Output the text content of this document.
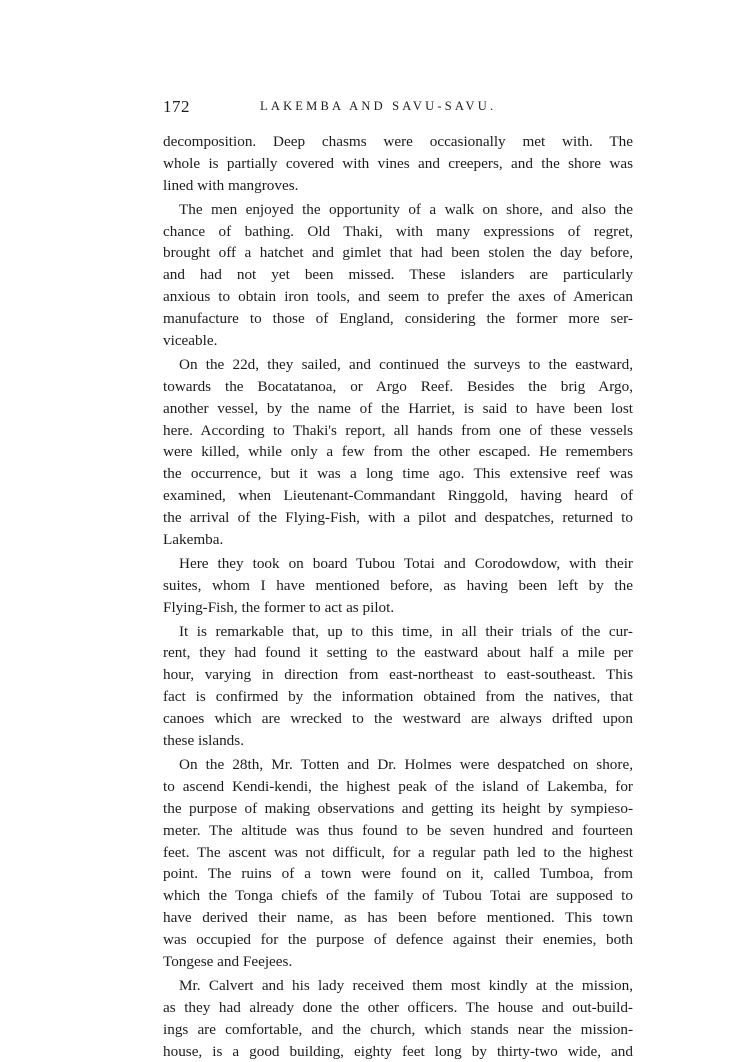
172	LAKEMBA AND SAVU-SAVU.
decomposition. Deep chasms were occasionally met with. The
whole is partially covered with vines and creepers, and the shore was
lined with mangroves.
The men enjoyed the opportunity of a walk on shore, and also the
chance of bathing. Old Thaki, with many expressions of regret,
brought off a hatchet and gimlet that had been stolen the day before,
and had not yet been missed. These islanders are particularly
anxious to obtain iron tools, and seem to prefer the axes of American
manufacture to those of England, considering the former more ser-
viceable.
On the 22d, they sailed, and continued the surveys to the eastward,
towards the Bocatatanoa, or Argo Reef. Besides the brig Argo,
another vessel, by the name of the Harriet, is said to have been lost
here. According to Thaki's report, all hands from one of these vessels
were killed, while only a few from the other escaped. He remembers
the occurrence, but it was a long time ago. This extensive reef was
examined, when Lieutenant-Commandant Ringgold, having heard of
the arrival of the Flying-Fish, with a pilot and despatches, returned to
Lakemba.
Here they took on board Tubou Totai and Corodowdow, with their
suites, whom I have mentioned before, as having been left by the
Flying-Fish, the former to act as pilot.
It is remarkable that, up to this time, in all their trials of the cur-
rent, they had found it setting to the eastward about half a mile per
hour, varying in direction from east-northeast to east-southeast. This
fact is confirmed by the information obtained from the natives, that
canoes which are wrecked to the westward are always drifted upon
these islands.
On the 28th, Mr. Totten and Dr. Holmes were despatched on shore,
to ascend Kendi-kendi, the highest peak of the island of Lakemba, for
the purpose of making observations and getting its height by sympieso-
meter. The altitude was thus found to be seven hundred and fourteen
feet. The ascent was not difficult, for a regular path led to the highest
point. The ruins of a town were found on it, called Tumboa, from
which the Tonga chiefs of the family of Tubou Totai are supposed to
have derived their name, as has been before mentioned. This town
was occupied for the purpose of defence against their enemies, both
Tongese and Feejees.
Mr. Calvert and his lady received them most kindly at the mission,
as they had already done the other officers. The house and out-build-
ings are comfortable, and the church, which stands near the mission-
house, is a good building, eighty feet long by thirty-two wide, and
